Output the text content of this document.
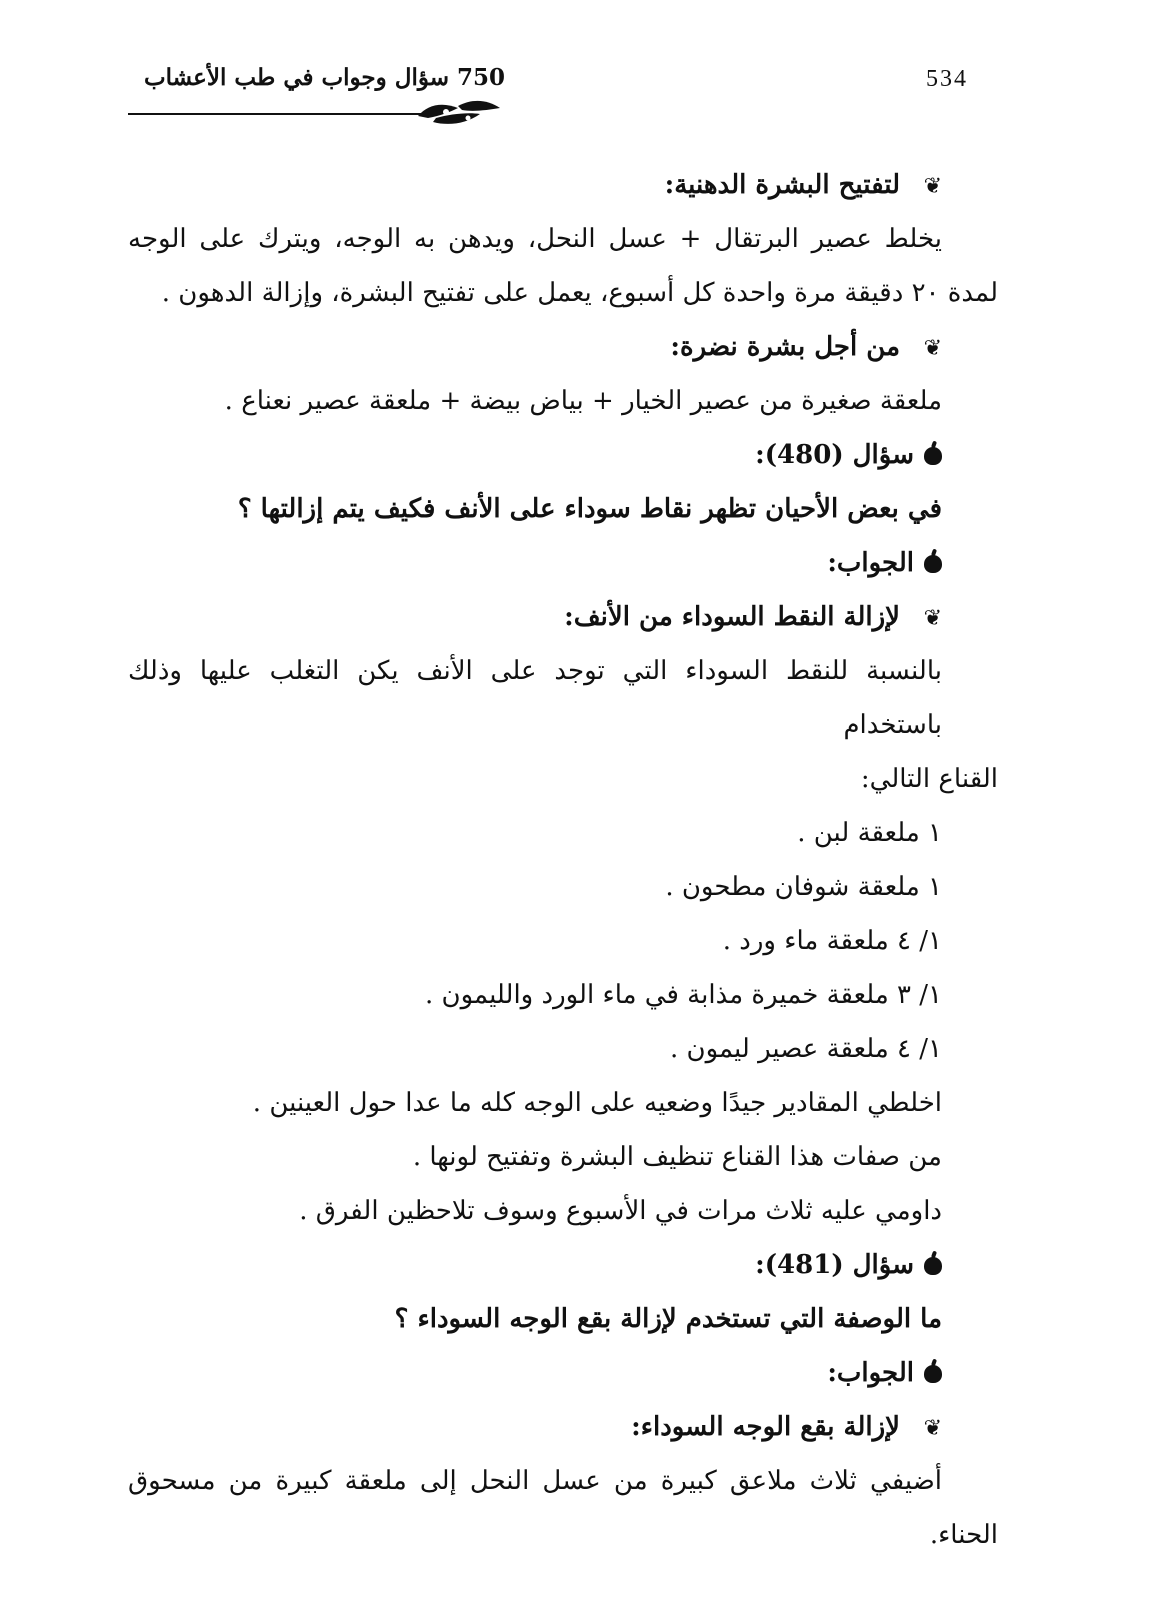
534
750 سؤال وجواب في طب الأعشاب
❦لتفتيح البشرة الدهنية:
يخلط عصير البرتقال + عسل النحل، ويدهن به الوجه، ويترك على الوجه
لمدة ٢٠ دقيقة مرة واحدة كل أسبوع، يعمل على تفتيح البشرة، وإزالة الدهون .
❦من أجل بشرة نضرة:
ملعقة صغيرة من عصير الخيار + بياض بيضة + ملعقة عصير نعناع .
سؤال (480):
في بعض الأحيان تظهر نقاط سوداء على الأنف فكيف يتم إزالتها ؟
الجواب:
❦لإزالة النقط السوداء من الأنف:
بالنسبة للنقط السوداء التي توجد على الأنف يكن التغلب عليها وذلك باستخدام
القناع التالي:
١ ملعقة لبن .
١ ملعقة شوفان مطحون .
١/ ٤ ملعقة ماء ورد .
١/ ٣ ملعقة خميرة مذابة في ماء الورد والليمون .
١/ ٤ ملعقة عصير ليمون .
اخلطي المقادير جيدًا وضعيه على الوجه كله ما عدا حول العينين .
من صفات هذا القناع تنظيف البشرة وتفتيح لونها .
داومي عليه ثلاث مرات في الأسبوع وسوف تلاحظين الفرق .
سؤال (481):
ما الوصفة التي تستخدم لإزالة بقع الوجه السوداء ؟
الجواب:
❦لإزالة بقع الوجه السوداء:
أضيفي ثلاث ملاعق كبيرة من عسل النحل إلى ملعقة كبيرة من مسحوق
الحناء.
